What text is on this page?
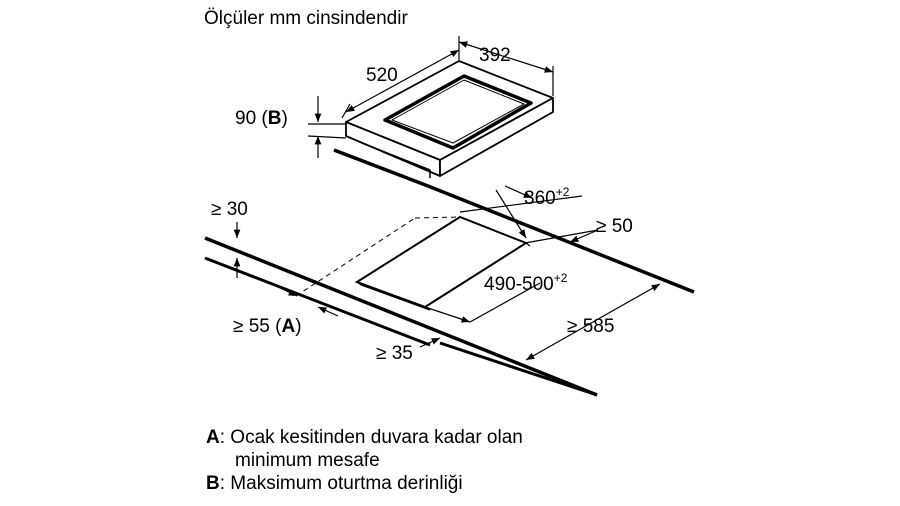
Ölçüler mm cinsindendir
392
520
90 (B)
$360^{+2}$
≥ 50
≥ 30
$490-500^{+2}$
≥ 55 (A)	≥ 585
≥ 35
A: Ocak kesitinden duvara kadar olan
minimum mesafe
B: Maksimum oturtma derinliği
